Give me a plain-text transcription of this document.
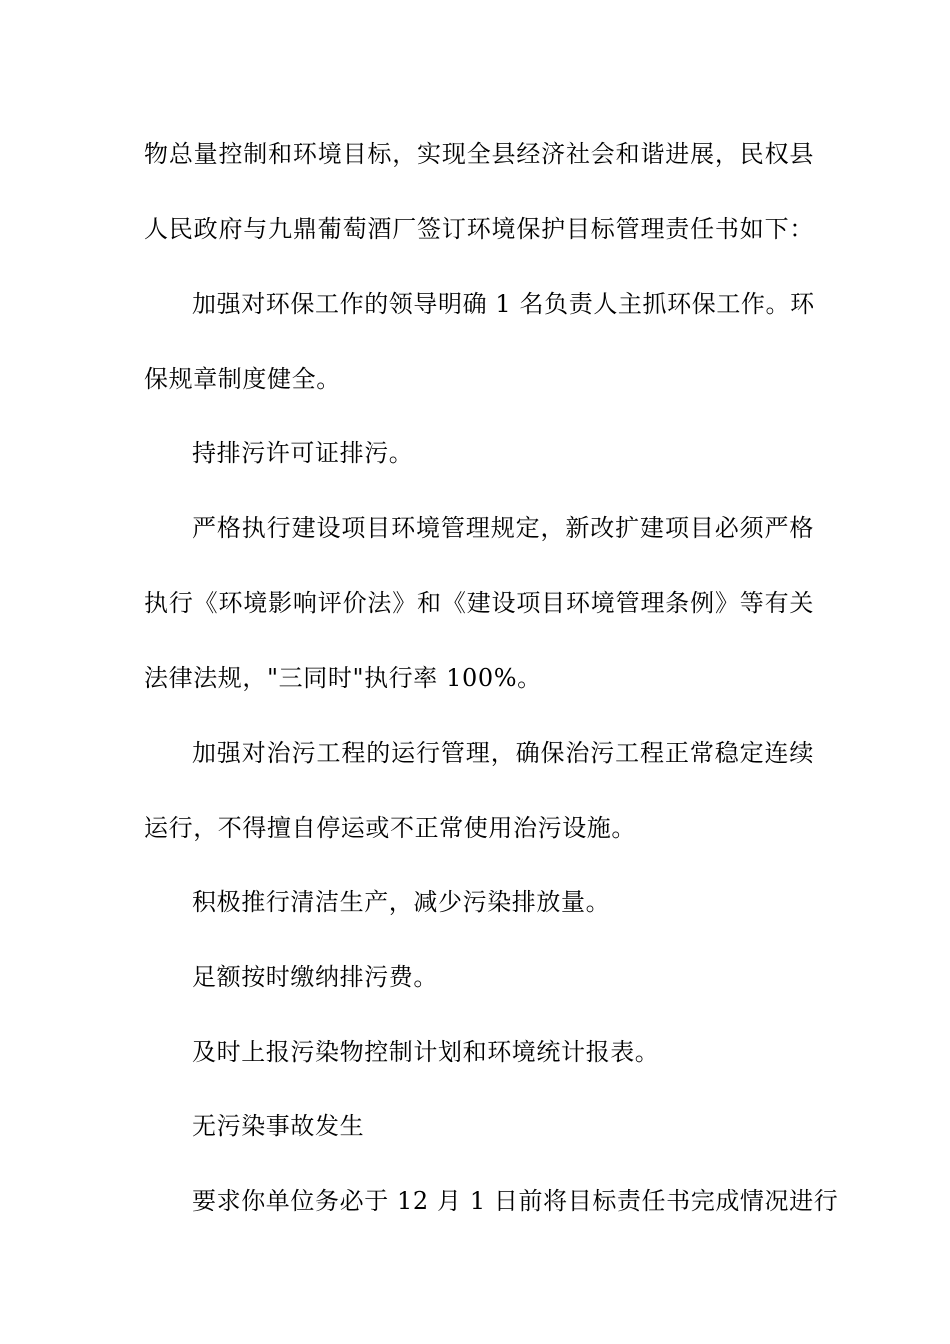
物总量控制和环境目标，实现全县经济社会和谐进展，民权县
人民政府与九鼎葡萄酒厂签订环境保护目标管理责任书如下：
加强对环保工作的领导明确 1 名负责人主抓环保工作。环
保规章制度健全。
持排污许可证排污。
严格执行建设项目环境管理规定，新改扩建项目必须严格
执行《环境影响评价法》和《建设项目环境管理条例》等有关
法律法规，"三同时"执行率 100%。
加强对治污工程的运行管理，确保治污工程正常稳定连续
运行，不得擅自停运或不正常使用治污设施。
积极推行清洁生产，减少污染排放量。
足额按时缴纳排污费。
及时上报污染物控制计划和环境统计报表。
无污染事故发生
要求你单位务必于 12 月 1 日前将目标责任书完成情况进行
